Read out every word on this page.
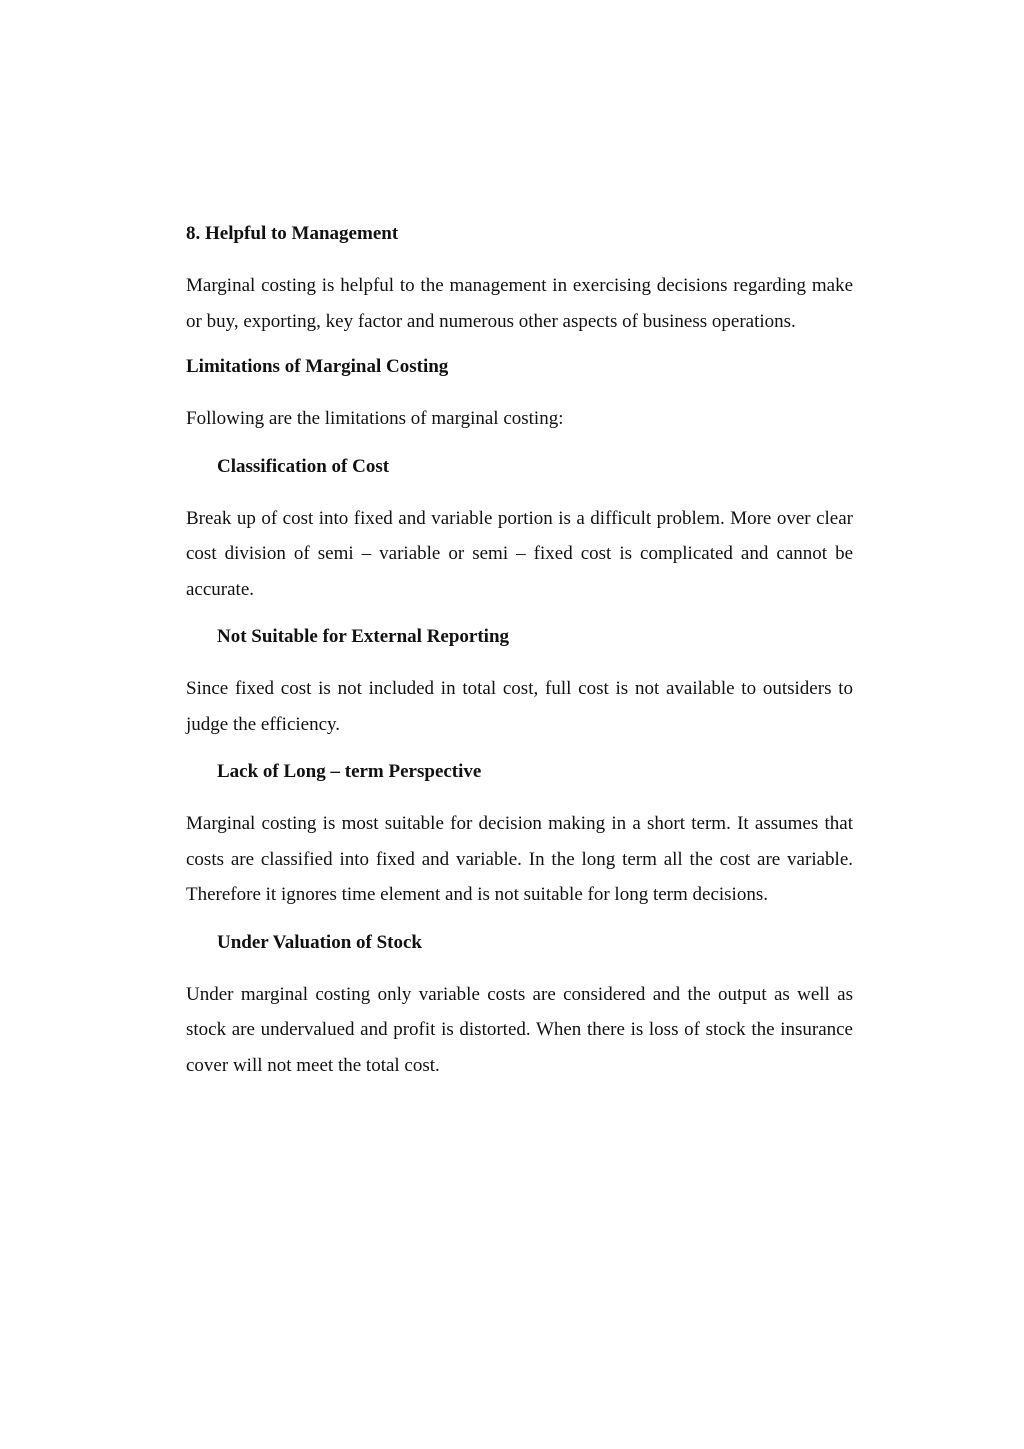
8. Helpful to Management

Marginal costing is helpful to the management in exercising decisions regarding make or buy, exporting, key factor and numerous other aspects of business operations.

Limitations of Marginal Costing

Following are the limitations of marginal costing:

Classification of Cost

Break up of cost into fixed and variable portion is a difficult problem. More over clear cost division of semi – variable or semi – fixed cost is complicated and cannot be accurate.

Not Suitable for External Reporting

Since fixed cost is not included in total cost, full cost is not available to outsiders to judge the efficiency.

Lack of Long – term Perspective

Marginal costing is most suitable for decision making in a short term. It assumes that costs are classified into fixed and variable. In the long term all the cost are variable. Therefore it ignores time element and is not suitable for long term decisions.

Under Valuation of Stock

Under marginal costing only variable costs are considered and the output as well as stock are undervalued and profit is distorted. When there is loss of stock the insurance cover will not meet the total cost.
